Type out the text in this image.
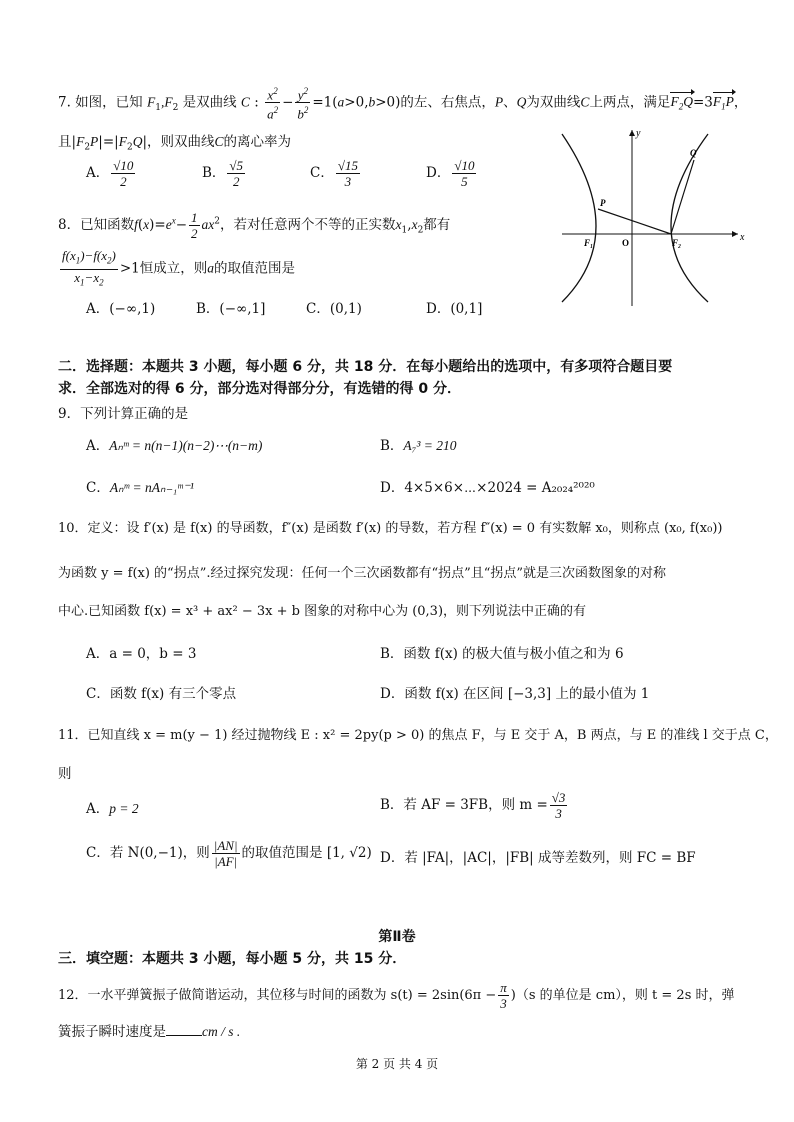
7. 如图，已知 $F_1,F_2$ 是双曲线 C : $\frac{x^2}{a^2} - \frac{y^2}{b^2} =1(a>0,b>0)$的左、右焦点，P、Q为双曲线C上两点，满足$F_2Q=3F_1P$，
且$|F_2P|=|F_2Q|$，则双曲线C的离心率为
A． $\frac{√10}{2}$	B． $\frac{√5}{2}$	C． $\frac{√15}{3}$	D． $\frac{√10}{5}$
8．已知函数$f(x)=e^x- \frac{1}{2} ax^2$，若对任意两个不等的正实数$x_1,x_2$都有
$\frac{f(x_1)-f(x_2)}{x_1-x_2} >1$恒成立，则a的取值范围是
A．(−∞,1)	B．(−∞,1]	C．(0,1)	D．(0,1]
y
x
O
F₁	F₂
P
Q
二．选择题：本题共 3 小题，每小题 6 分，共 18 分．在每小题给出的选项中，有多项符合题目要
求．全部选对的得 6 分，部分选对得部分分，有选错的得 0 分．
9．下列计算正确的是
A．Aₙᵐ = n(n−1)(n−2)⋯(n−m)	B．A₇³ = 210
C．Aₙᵐ = nAₙ₋₁ᵐ⁻¹	D．4×5×6×⋯×2024 = A₂₀₂₄²⁰²⁰
10．定义：设 f′(x) 是 f(x) 的导函数，f″(x) 是函数 f′(x) 的导数，若方程 f″(x) = 0 有实数解 x₀，则称点 (x₀, f(x₀))
为函数 y = f(x) 的“拐点”.经过探究发现：任何一个三次函数都有“拐点”且“拐点”就是三次函数图象的对称
中心.已知函数 f(x) = x³ + ax² − 3x + b 图象的对称中心为 (0,3)，则下列说法中正确的有
A．a = 0，b = 3	B．函数 f(x) 的极大值与极小值之和为 6
C．函数 f(x) 有三个零点	D．函数 f(x) 在区间 [−3,3] 上的最小值为 1
11．已知直线 x = m(y − 1) 经过抛物线 E : x² = 2py(p > 0) 的焦点 F，与 E 交于 A，B 两点，与 E 的准线 l 交于点 C，
则
A．p = 2	B．若 AF = 3FB，则 $m = \frac{√3}{3}$
C．若 N(0,−1)，则 $\frac{|AN|}{|AF|}$ 的取值范围是 [1, √2) D．若 |FA|，|AC|，|FB| 成等差数列，则 FC = BF
第Ⅱ卷
三．填空题：本题共 3 小题，每小题 5 分，共 15 分．
12．一水平弹簧振子做简谐运动，其位移与时间的函数为 $s(t) = 2\sin(6\pi - \frac{\pi}{3} )(s$ 的单位是 cm），则 t = 2s 时，弹
簧振子瞬时速度是	cm / s .
第 2 页 共 4 页
